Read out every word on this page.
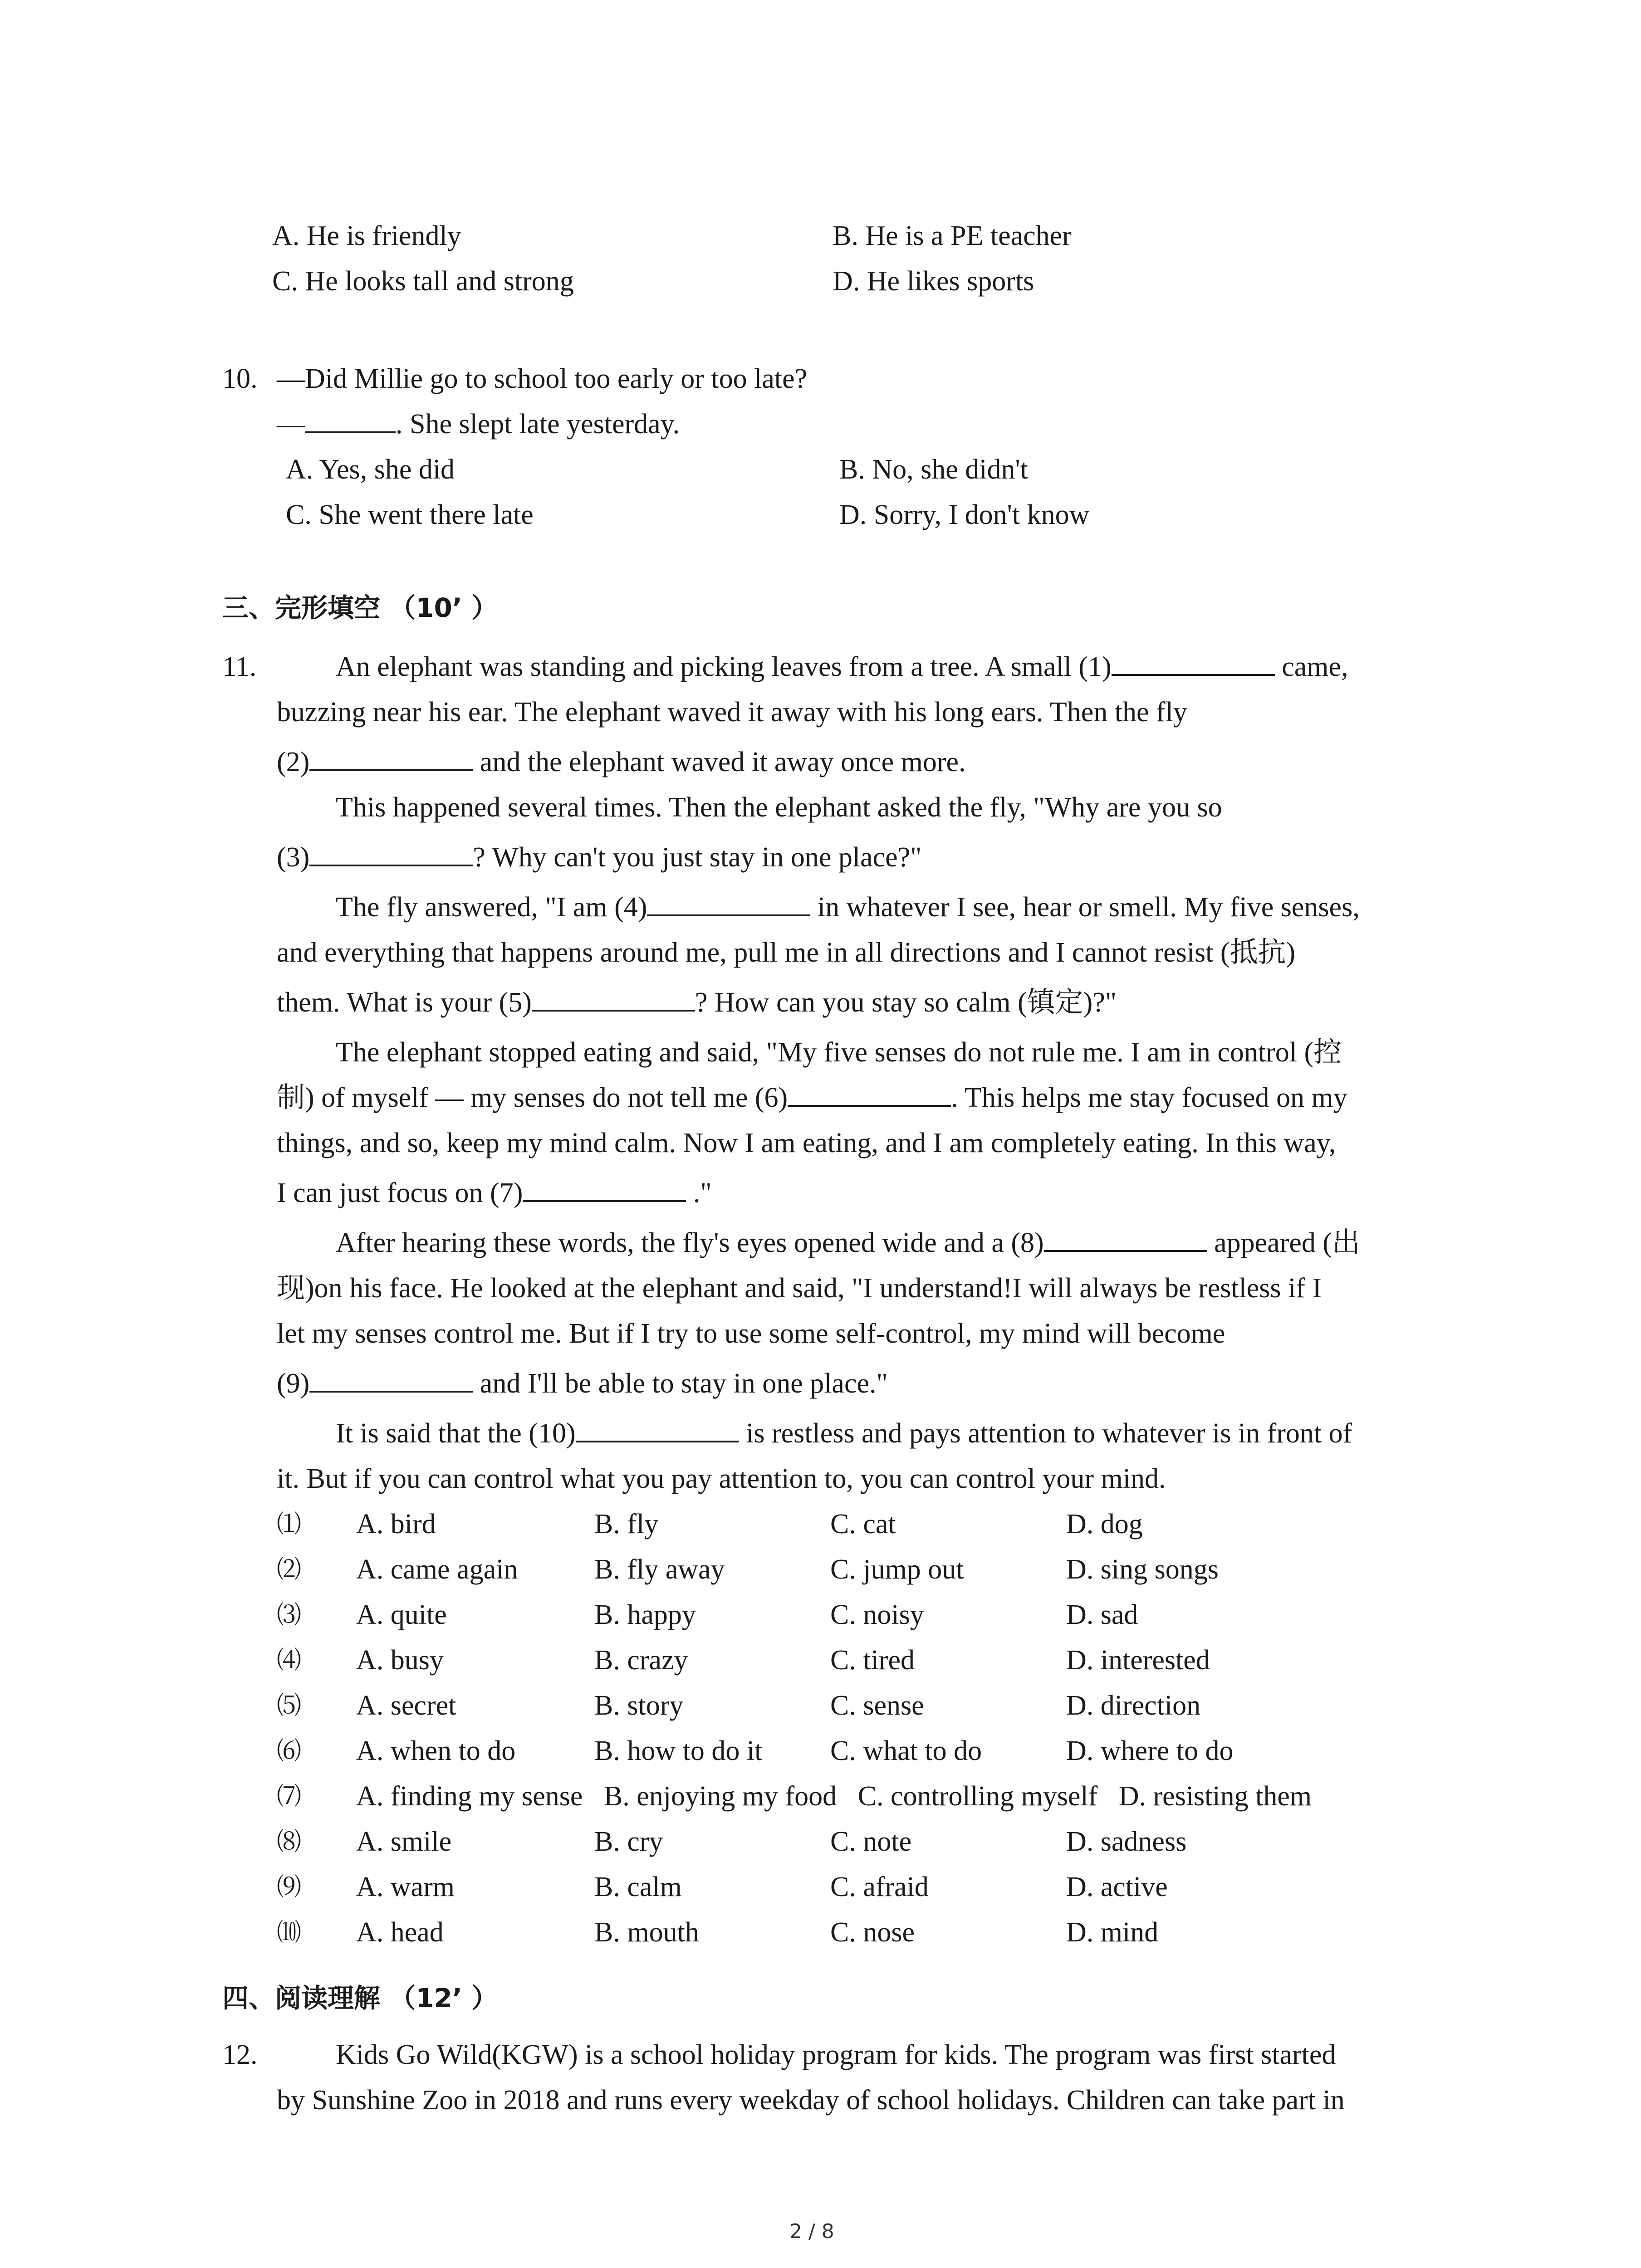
A. He is friendly	B. He is a PE teacher
C. He looks tall and strong	D. He likes sports
10. —Did Millie go to school too early or too late?
—	. She slept late yesterday.
A. Yes, she did	B. No, she didn't
C. She went there late	D. Sorry, I don't know
三、完形填空 （10’ ）
11.	An elephant was standing and picking leaves from a tree. A small (1)	came,
buzzing near his ear. The elephant waved it away with his long ears. Then the fly
(2)	and the elephant waved it away once more.
This happened several times. Then the elephant asked the fly, "Why are you so
(3)	? Why can't you just stay in one place?"
The fly answered, "I am (4)	in whatever I see, hear or smell. My five senses,
and everything that happens around me, pull me in all directions and I cannot resist (抵抗)
them. What is your (5)	? How can you stay so calm (镇定)?"
The elephant stopped eating and said, "My five senses do not rule me. I am in control (控
制) of myself — my senses do not tell me (6)	. This helps me stay focused on my
things, and so, keep my mind calm. Now I am eating, and I am completely eating. In this way,
I can just focus on (7)	."
After hearing these words, the fly's eyes opened wide and a (8)	appeared (出
现)on his face. He looked at the elephant and said, "I understand!I will always be restless if I
let my senses control me. But if I try to use some self-control, my mind will become
(9)	and I'll be able to stay in one place."
It is said that the (10)	is restless and pays attention to whatever is in front of
it. But if you can control what you pay attention to, you can control your mind.
⑴ A. bird	B. fly	C. cat	D. dog
⑵ A. came again	B. fly away	C. jump out	D. sing songs
⑶ A. quite	B. happy	C. noisy	D. sad
⑷ A. busy	B. crazy	C. tired	D. interested
⑸ A. secret	B. story	C. sense	D. direction
⑹ A. when to do	B. how to do it C. what to do	D. where to do
⑺ A. finding my sense   B. enjoying my food   C. controlling myself   D. resisting them
⑻ A. smile	B. cry	C. note	D. sadness
⑼ A. warm	B. calm	C. afraid	D. active
⑽ A. head	B. mouth	C. nose	D. mind
四、阅读理解 （12’ ）
12.	Kids Go Wild(KGW) is a school holiday program for kids. The program was first started
by Sunshine Zoo in 2018 and runs every weekday of school holidays. Children can take part in
2 / 8
